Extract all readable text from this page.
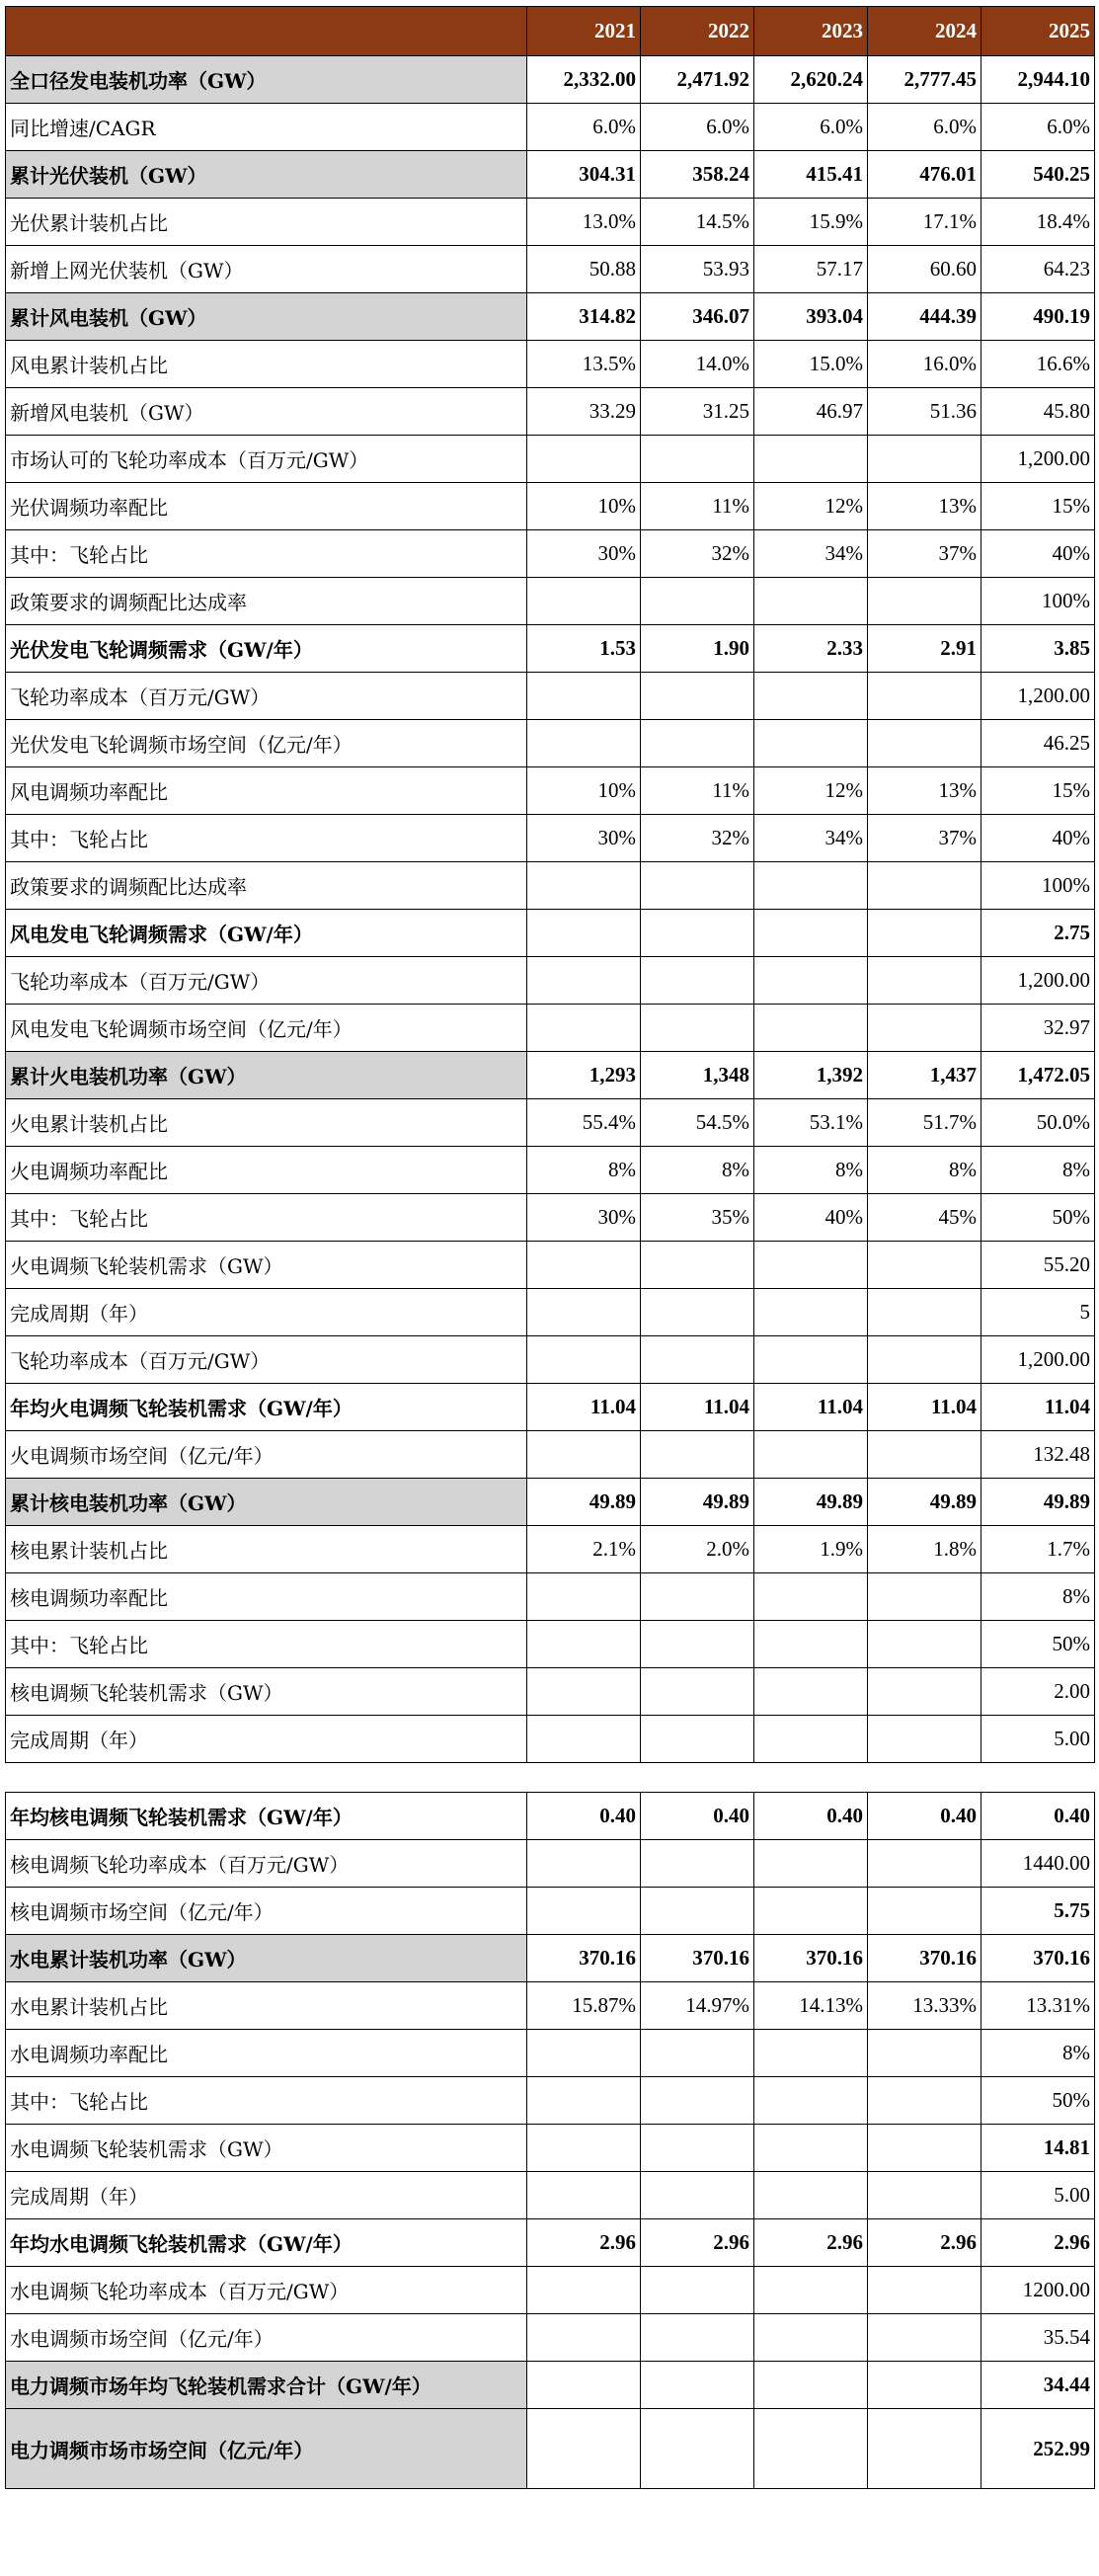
	2021	2022	2023	2024	2025
全口径发电装机功率（GW）	2,332.00	2,471.92	2,620.24	2,777.45	2,944.10
同比增速/CAGR	6.0%	6.0%	6.0%	6.0%	6.0%
累计光伏装机（GW）	304.31	358.24	415.41	476.01	540.25
光伏累计装机占比	13.0%	14.5%	15.9%	17.1%	18.4%
新增上网光伏装机（GW）	50.88	53.93	57.17	60.60	64.23
累计风电装机（GW）	314.82	346.07	393.04	444.39	490.19
风电累计装机占比	13.5%	14.0%	15.0%	16.0%	16.6%
新增风电装机（GW）	33.29	31.25	46.97	51.36	45.80
市场认可的飞轮功率成本（百万元/GW）					1,200.00
光伏调频功率配比	10%	11%	12%	13%	15%
其中：飞轮占比	30%	32%	34%	37%	40%
政策要求的调频配比达成率					100%
光伏发电飞轮调频需求（GW/年）	1.53	1.90	2.33	2.91	3.85
飞轮功率成本（百万元/GW）					1,200.00
光伏发电飞轮调频市场空间（亿元/年）					46.25
风电调频功率配比	10%	11%	12%	13%	15%
其中：飞轮占比	30%	32%	34%	37%	40%
政策要求的调频配比达成率					100%
风电发电飞轮调频需求（GW/年）					2.75
飞轮功率成本（百万元/GW）					1,200.00
风电发电飞轮调频市场空间（亿元/年）					32.97
累计火电装机功率（GW）	1,293	1,348	1,392	1,437	1,472.05
火电累计装机占比	55.4%	54.5%	53.1%	51.7%	50.0%
火电调频功率配比	8%	8%	8%	8%	8%
其中：飞轮占比	30%	35%	40%	45%	50%
火电调频飞轮装机需求（GW）					55.20
完成周期（年）					5
飞轮功率成本（百万元/GW）					1,200.00
年均火电调频飞轮装机需求（GW/年）	11.04	11.04	11.04	11.04	11.04
火电调频市场空间（亿元/年）					132.48
累计核电装机功率（GW）	49.89	49.89	49.89	49.89	49.89
核电累计装机占比	2.1%	2.0%	1.9%	1.8%	1.7%
核电调频功率配比					8%
其中：飞轮占比					50%
核电调频飞轮装机需求（GW）					2.00
完成周期（年）					5.00

年均核电调频飞轮装机需求（GW/年）	0.40	0.40	0.40	0.40	0.40
核电调频飞轮功率成本（百万元/GW）					1440.00
核电调频市场空间（亿元/年）					5.75
水电累计装机功率（GW）	370.16	370.16	370.16	370.16	370.16
水电累计装机占比	15.87%	14.97%	14.13%	13.33%	13.31%
水电调频功率配比					8%
其中：飞轮占比					50%
水电调频飞轮装机需求（GW）					14.81
完成周期（年）					5.00
年均水电调频飞轮装机需求（GW/年）	2.96	2.96	2.96	2.96	2.96
水电调频飞轮功率成本（百万元/GW）					1200.00
水电调频市场空间（亿元/年）					35.54
电力调频市场年均飞轮装机需求合计（GW/年）					34.44
电力调频市场市场空间（亿元/年）					252.99
